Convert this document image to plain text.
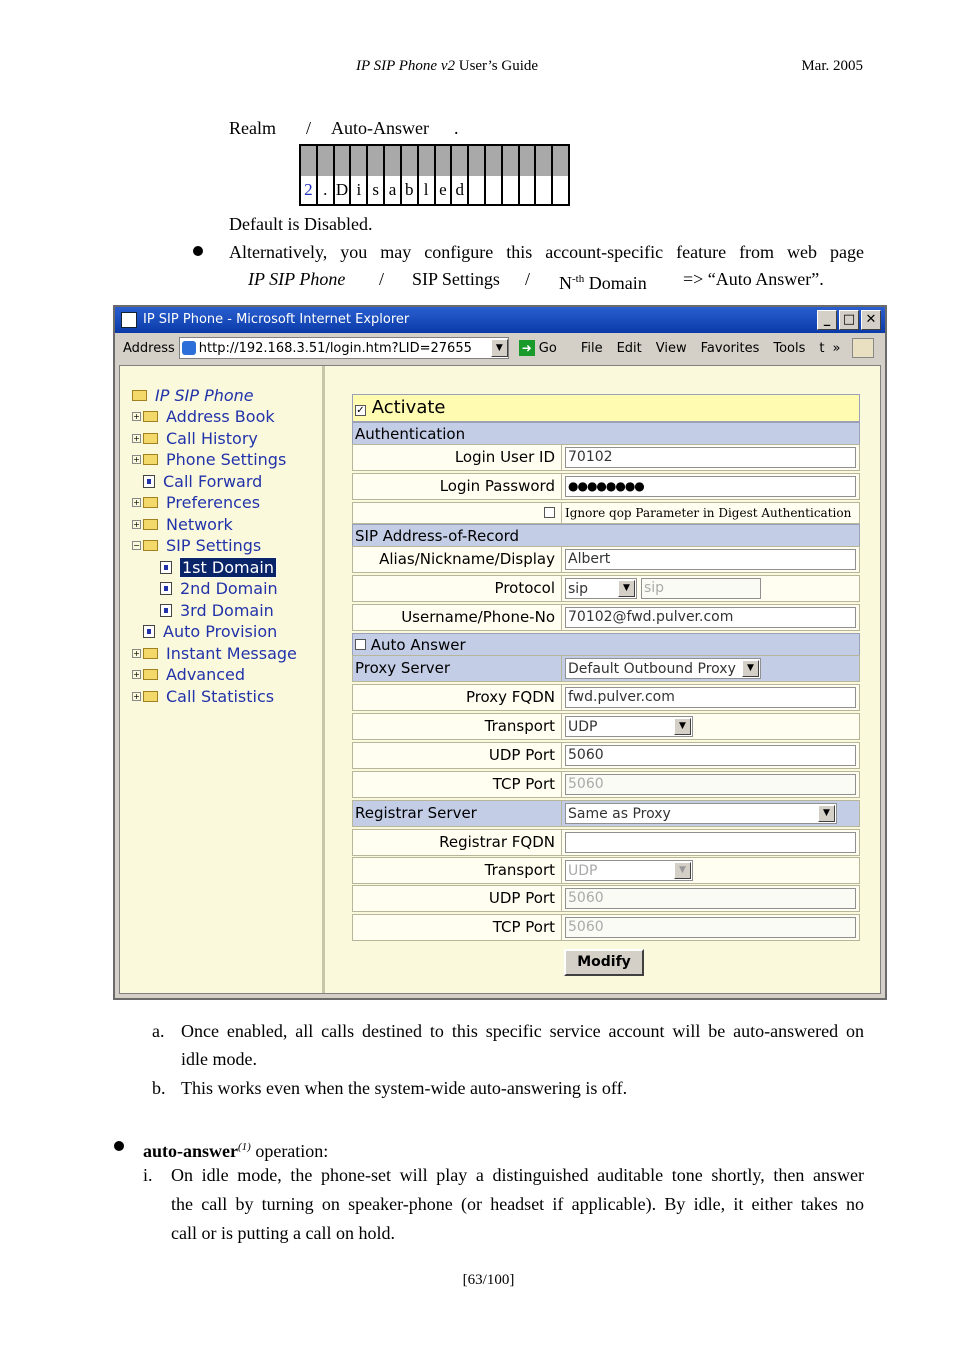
IP SIP Phone v2 User’s Guide	Mar. 2005
Realm / Auto-Answer .
2 . D i s a b l e d
Default is Disabled.
Alternatively, you may configure this account-specific feature from web page
IP SIP Phone / SIP Settings / $N^{-th}$ Domain => “Auto Answer”.
IP SIP Phone - Microsoft Internet Explorer	_ □ ✕
Address	http://192.168.3.51/login.htm?LID=27655	▼	➜ Go File Edit View Favorites Tools t »
IP SIP Phone
+ Address Book
+ Call History
+ Phone Settings
Call Forward
+ Preferences
+ Network
− SIP Settings
1st Domain
2nd Domain
3rd Domain
Auto Provision
+ Instant Message
+ Advanced
+ Call Statistics
✓ Activate
Authentication
Login User ID 70102
Login Password	●●●●●●●●
Ignore qop Parameter in Digest Authentication
SIP Address-of-Record
Alias/Nickname/Display Albert
Protocol sip	▼	sip
Username/Phone-No 70102@fwd.pulver.com
Auto Answer
Proxy Server	Default Outbound Proxy	▼
Proxy FQDN fwd.pulver.com
Transport UDP	▼
UDP Port 5060
TCP Port 5060
Registrar Server	Same as Proxy	▼
Registrar FQDN
Transport UDP	▼
UDP Port 5060
TCP Port 5060
Modify
a. Once enabled, all calls destined to this specific service account will be auto-answered on
idle mode.
b. This works even when the system-wide auto-answering is off.
auto-answer$^{(1)}$ operation:
i. On idle mode, the phone-set will play a distinguished auditable tone shortly, then answer
the call by turning on speaker-phone (or headset if applicable). By idle, it either takes no
call or is putting a call on hold.
[63/100]
